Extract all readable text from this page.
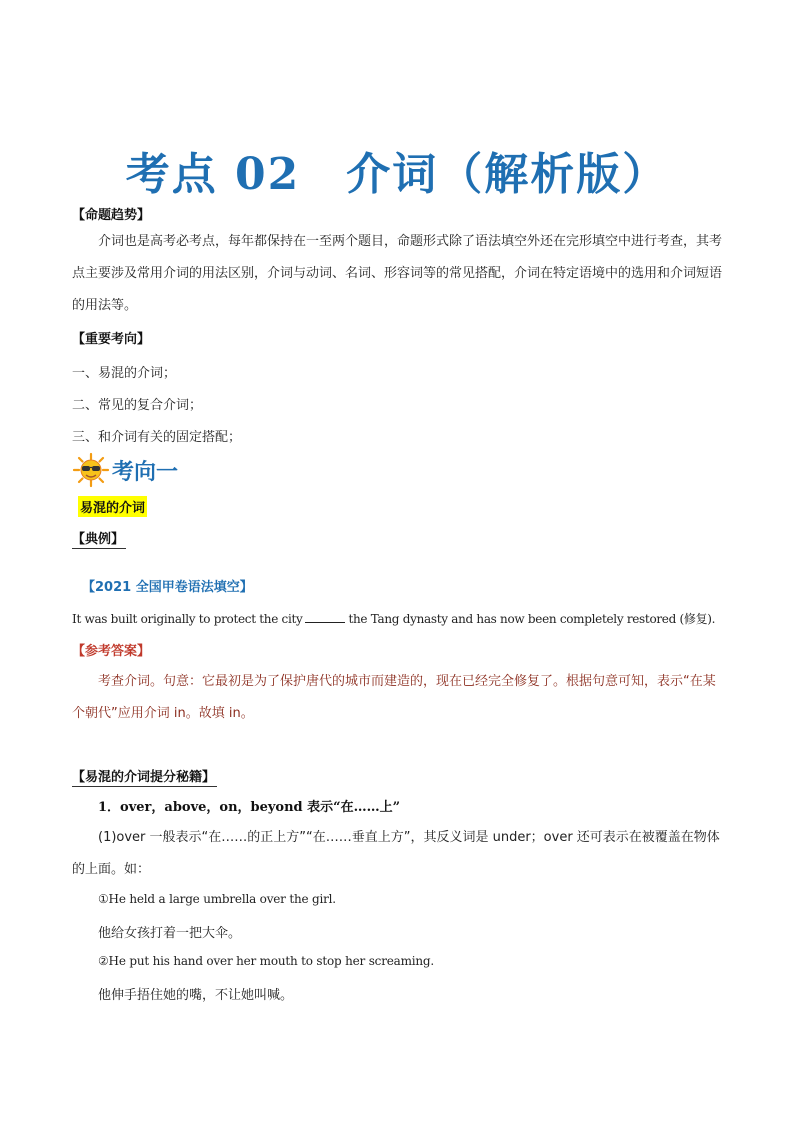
考点 02 介词（解析版）
【命题趋势】
介词也是高考必考点，每年都保持在一至两个题目，命题形式除了语法填空外还在完形填空中进行考查，其考点主要涉及常用介词的用法区别，介词与动词、名词、形容词等的常见搭配，介词在特定语境中的选用和介词短语的用法等。
【重要考向】
一、易混的介词；
二、常见的复合介词；
三、和介词有关的固定搭配；
考向一
易混的介词
【典例】
【2021 全国甲卷语法填空】
It was built originally to protect the city	the Tang dynasty and has now been completely restored (修复).
【参考答案】
考查介词。句意：它最初是为了保护唐代的城市而建造的，现在已经完全修复了。根据句意可知，表示“在某个朝代”应用介词 in。故填 in。
【易混的介词提分秘籍】
1．over，above，on，beyond 表示“在……上”
(1)over 一般表示“在……的正上方”“在……垂直上方”，其反义词是 under；over 还可表示在被覆盖在物体的上面。如：
①He held a large umbrella over the girl.
他给女孩打着一把大伞。
②He put his hand over her mouth to stop her screaming.
他伸手捂住她的嘴，不让她叫喊。
